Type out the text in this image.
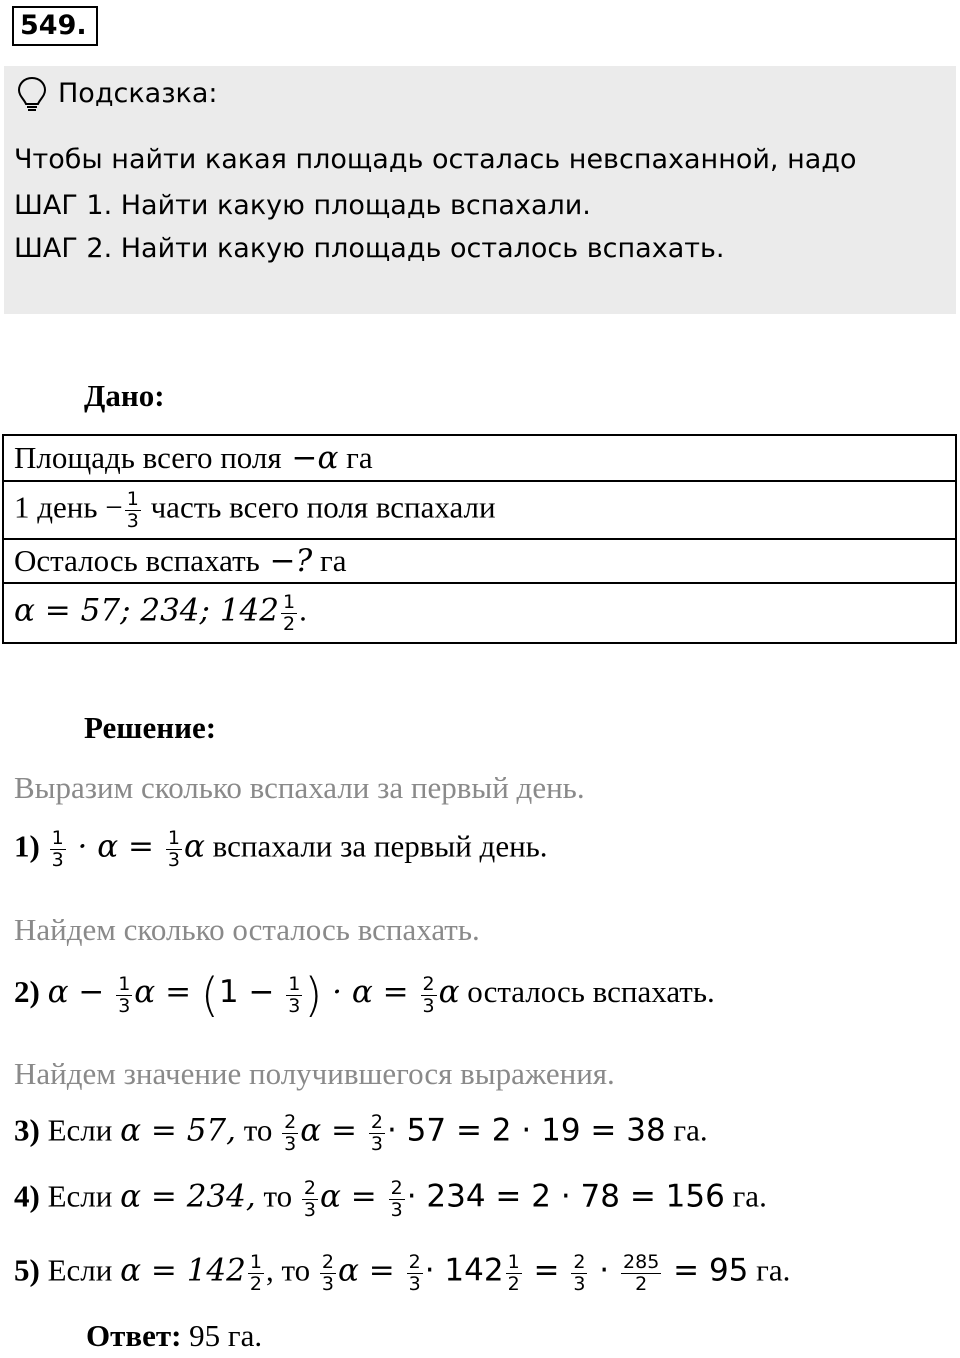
549.
Подсказка:
Чтобы найти какая площадь осталась невспаханной, надо
ШАГ 1. Найти какую площадь вспахали.
ШАГ 2. Найти какую площадь осталось вспахать.
Дано:
Площадь всего поля −α га
1 день − $\frac{1}{3}$ часть всего поля вспахали
Осталось вспахать −? га
α = 57; 234; $142 \frac{1}{2}$ .
Решение:
Выразим сколько вспахали за первый день.
$1) \frac{1}{3} \cdot \alpha = \frac{1}{3}$ α вспахали за первый день.
Найдем сколько осталось вспахать.
2) $\alpha - \frac{1}{3}$ $\alpha = (1 - \frac{1}{3}$ ) · $\alpha = \frac{2}{3}$ α осталось вспахать.
Найдем значение получившегося выражения.
3) Если α = 57, то $\frac{2}{3}$ $\alpha = \frac{2}{3} \cdot 57 = 2 \cdot 19 = 38$ га.
4) Если α = 234, то $\frac{2}{3}$ $\alpha = \frac{2}{3} \cdot 234 = 2 \cdot 78 = 156$ га.
5) Если $\alpha = 142 \frac{1}{2}$ , то $\frac{2}{3}$ $\alpha = \frac{2}{3} \cdot 142 \frac{1}{2} = \frac{2}{3} \cdot \frac{285}{2} = 95$ га.
Ответ: 95 га.
